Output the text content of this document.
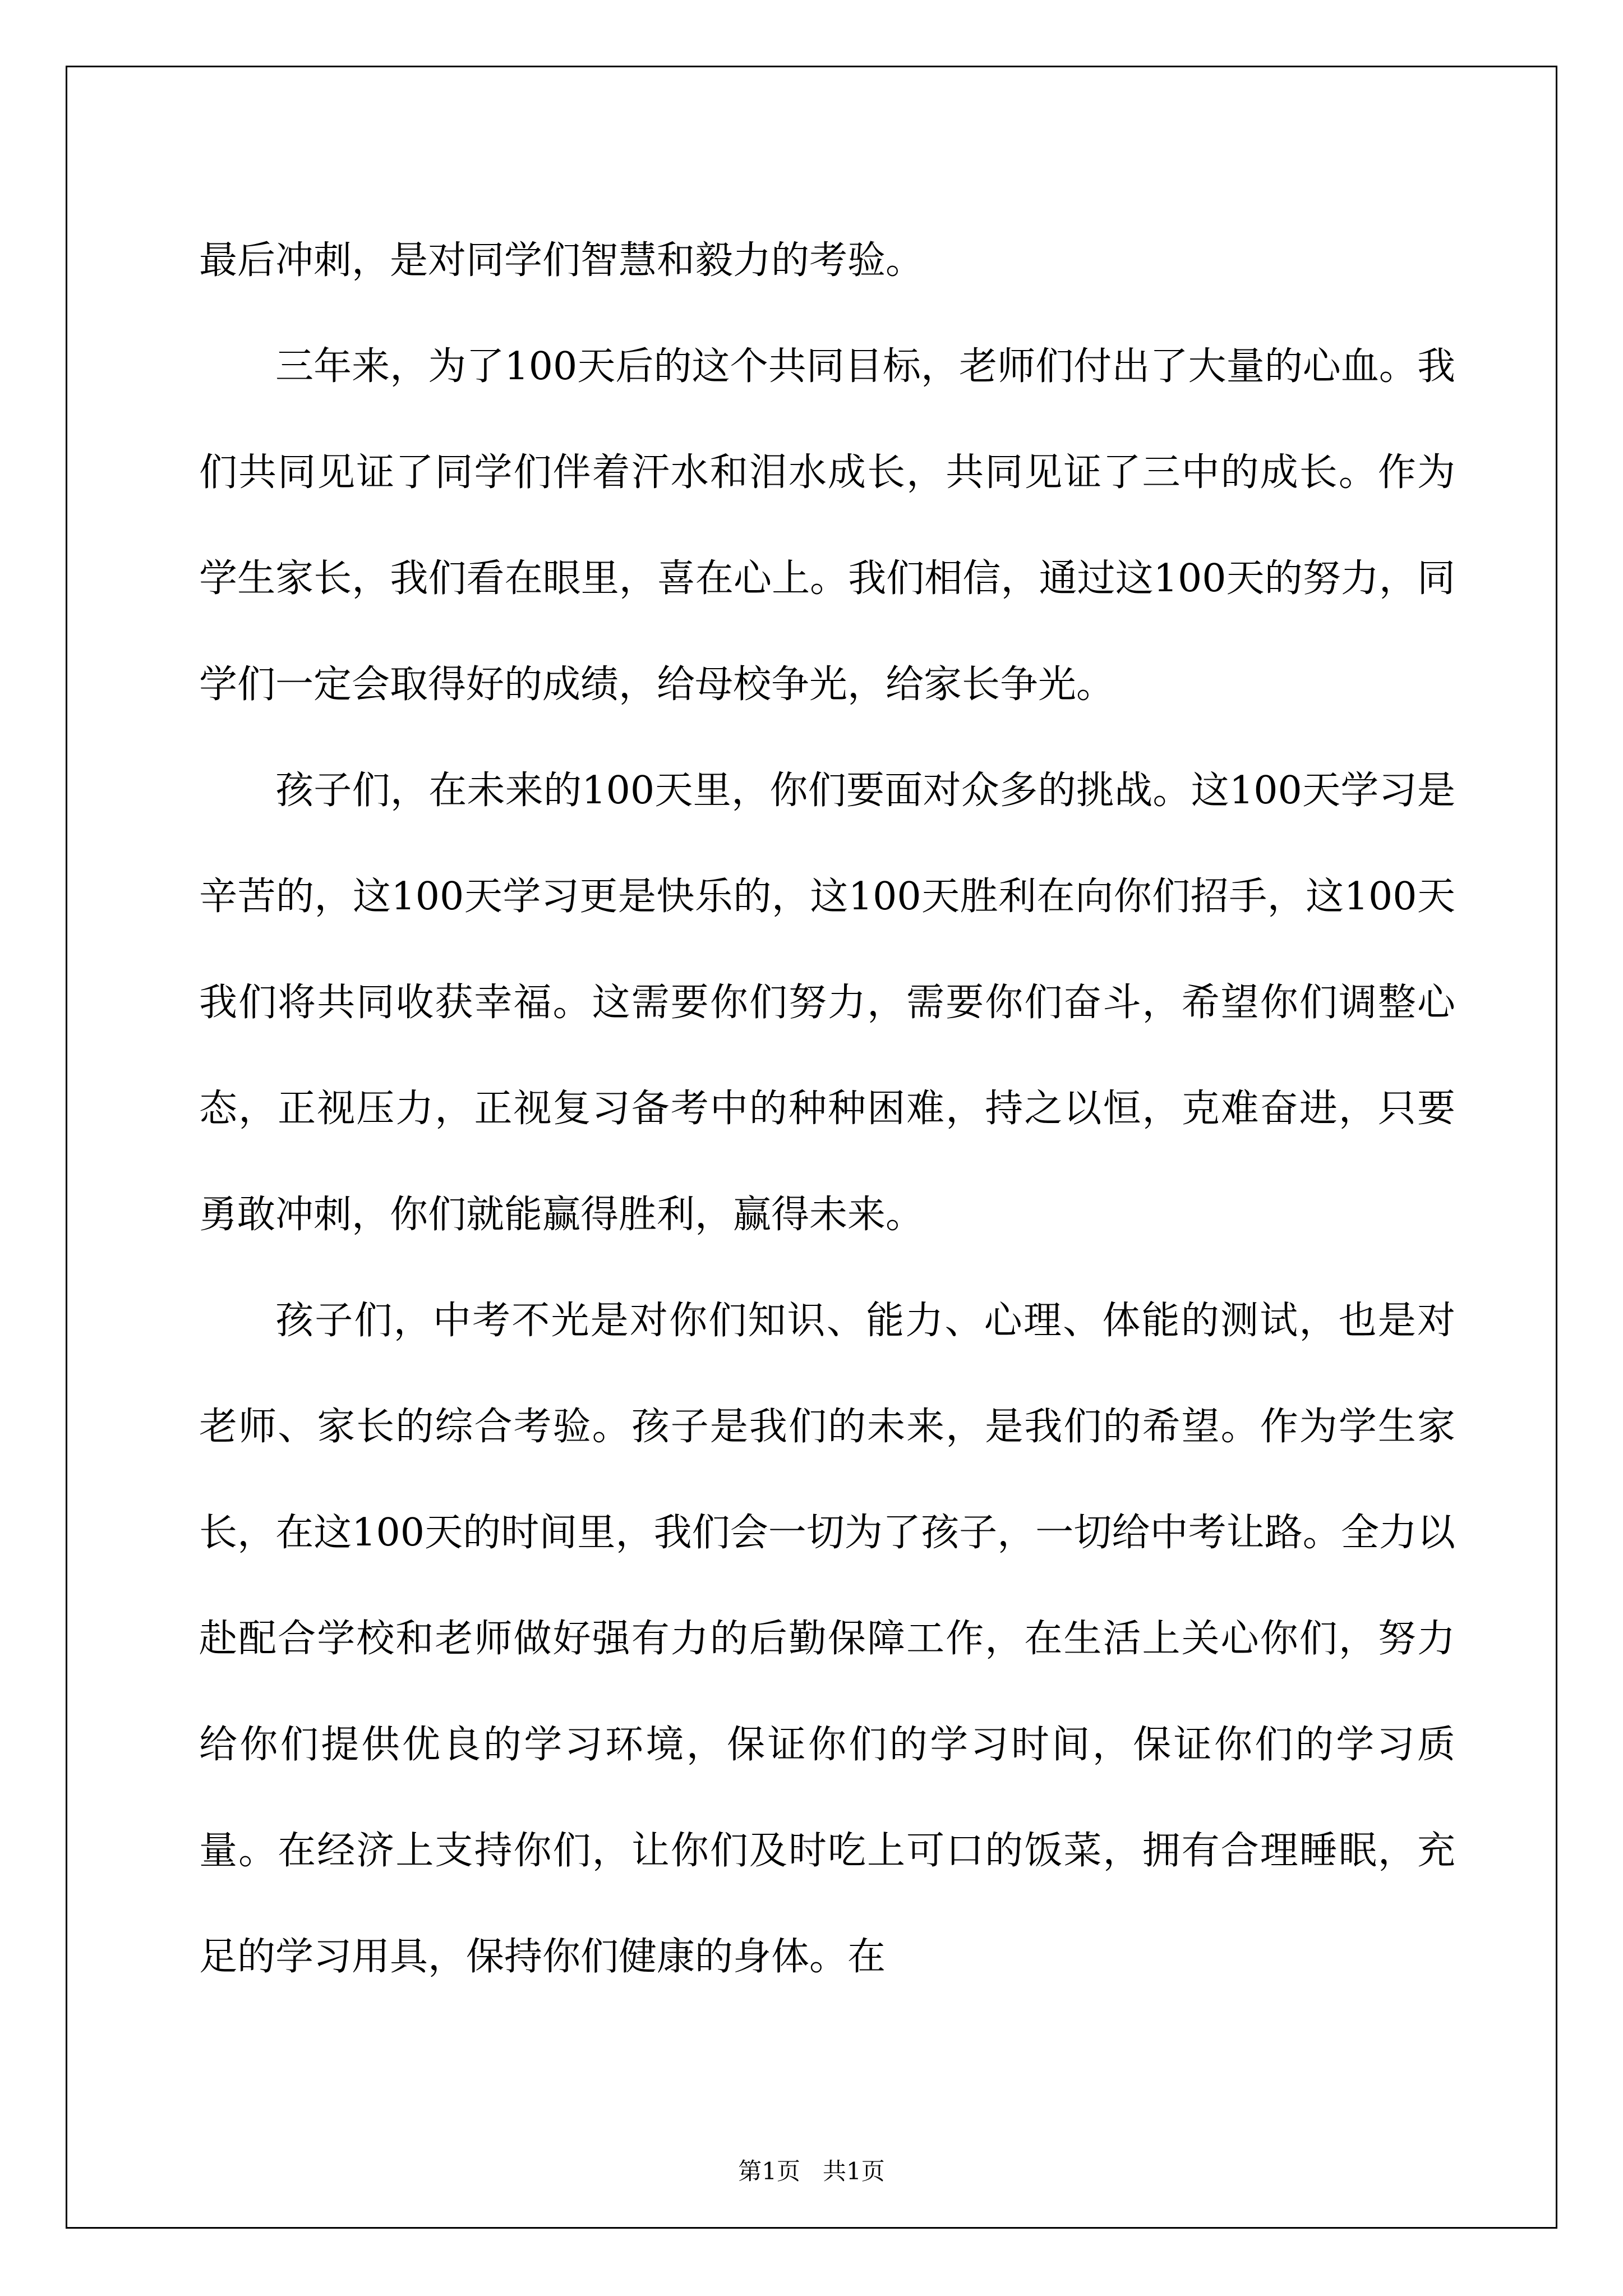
最后冲刺，是对同学们智慧和毅力的考验。

三年来，为了100天后的这个共同目标，老师们付出了大量的心血。我们共同见证了同学们伴着汗水和泪水成长，共同见证了三中的成长。作为学生家长，我们看在眼里，喜在心上。我们相信，通过这100天的努力，同学们一定会取得好的成绩，给母校争光，给家长争光。

孩子们，在未来的100天里，你们要面对众多的挑战。这100天学习是辛苦的，这100天学习更是快乐的，这100天胜利在向你们招手，这100天我们将共同收获幸福。这需要你们努力，需要你们奋斗，希望你们调整心态，正视压力，正视复习备考中的种种困难，持之以恒，克难奋进，只要勇敢冲刺，你们就能赢得胜利，赢得未来。

孩子们，中考不光是对你们知识、能力、心理、体能的测试，也是对老师、家长的综合考验。孩子是我们的未来，是我们的希望。作为学生家长，在这100天的时间里，我们会一切为了孩子，一切给中考让路。全力以赴配合学校和老师做好强有力的后勤保障工作，在生活上关心你们，努力给你们提供优良的学习环境，保证你们的学习时间，保证你们的学习质量。在经济上支持你们，让你们及时吃上可口的饭菜，拥有合理睡眠，充足的学习用具，保持你们健康的身体。在

第1页 共1页
